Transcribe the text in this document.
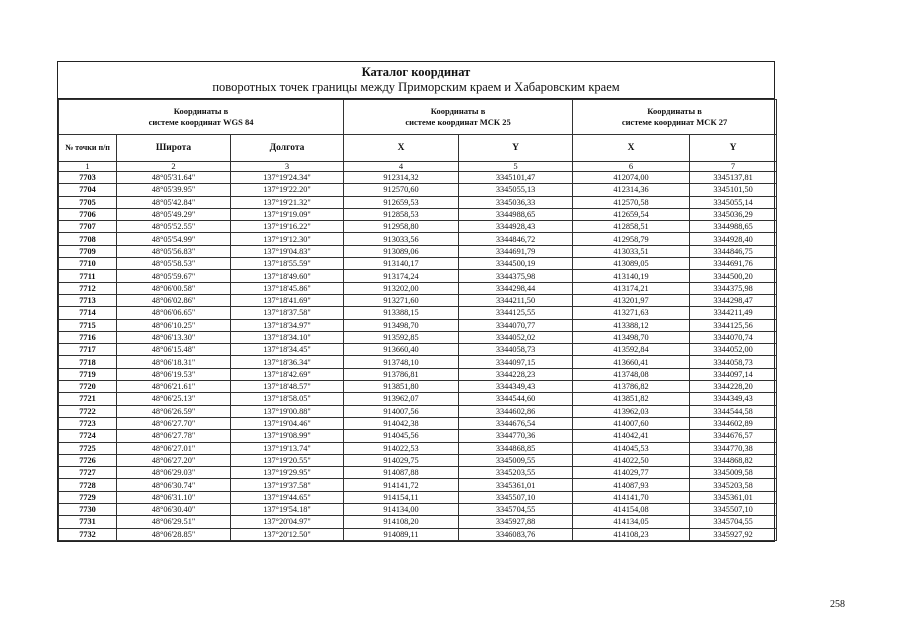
Каталог координат
поворотных точек границы между Приморским краем и Хабаровским краем
Координаты в
системе координат WGS 84			Координаты в
системе координат МСК 25		Координаты в
системе координат МСК 27	
№ точки п/п	Широта	Долгота	X	Y	X	Y
1	2	3	4	5	6	7
7703	48°05'31.64"	137°19'24.34"	912314,32	3345101,47	412074,00	3345137,81
7704	48°05'39.95"	137°19'22.20"	912570,60	3345055,13	412314,36	3345101,50
7705	48°05'42.84"	137°19'21.32"	912659,53	3345036,33	412570,58	3345055,14
7706	48°05'49.29"	137°19'19.09"	912858,53	3344988,65	412659,54	3345036,29
7707	48°05'52.55"	137°19'16.22"	912958,80	3344928,43	412858,51	3344988,65
7708	48°05'54.99"	137°19'12.30"	913033,56	3344846,72	412958,79	3344928,40
7709	48°05'56.83"	137°19'04.83"	913089,06	3344691,79	413033,51	3344846,75
7710	48°05'58.53"	137°18'55.59"	913140,17	3344500,19	413089,05	3344691,76
7711	48°05'59.67"	137°18'49.60"	913174,24	3344375,98	413140,19	3344500,20
7712	48°06'00.58"	137°18'45.86"	913202,00	3344298,44	413174,21	3344375,98
7713	48°06'02.86"	137°18'41.69"	913271,60	3344211,50	413201,97	3344298,47
7714	48°06'06.65"	137°18'37.58"	913388,15	3344125,55	413271,63	3344211,49
7715	48°06'10.25"	137°18'34.97"	913498,70	3344070,77	413388,12	3344125,56
7716	48°06'13.30"	137°18'34.10"	913592,85	3344052,02	413498,70	3344070,74
7717	48°06'15.48"	137°18'34.45"	913660,40	3344058,73	413592,84	3344052,00
7718	48°06'18.31"	137°18'36.34"	913748,10	3344097,15	413660,41	3344058,73
7719	48°06'19.53"	137°18'42.69"	913786,81	3344228,23	413748,08	3344097,14
7720	48°06'21.61"	137°18'48.57"	913851,80	3344349,43	413786,82	3344228,20
7721	48°06'25.13"	137°18'58.05"	913962,07	3344544,60	413851,82	3344349,43
7722	48°06'26.59"	137°19'00.88"	914007,56	3344602,86	413962,03	3344544,58
7723	48°06'27.70"	137°19'04.46"	914042,38	3344676,54	414007,60	3344602,89
7724	48°06'27.78"	137°19'08.99"	914045,56	3344770,36	414042,41	3344676,57
7725	48°06'27.01"	137°19'13.74"	914022,53	3344868,85	414045,53	3344770,38
7726	48°06'27.20"	137°19'20.55"	914029,75	3345009,55	414022,50	3344868,82
7727	48°06'29.03"	137°19'29.95"	914087,88	3345203,55	414029,77	3345009,58
7728	48°06'30.74"	137°19'37.58"	914141,72	3345361,01	414087,93	3345203,58
7729	48°06'31.10"	137°19'44.65"	914154,11	3345507,10	414141,70	3345361,01
7730	48°06'30.40"	137°19'54.18"	914134,00	3345704,55	414154,08	3345507,10
7731	48°06'29.51"	137°20'04.97"	914108,20	3345927,88	414134,05	3345704,55
7732	48°06'28.85"	137°20'12.50"	914089,11	3346083,76	414108,23	3345927,92
258
